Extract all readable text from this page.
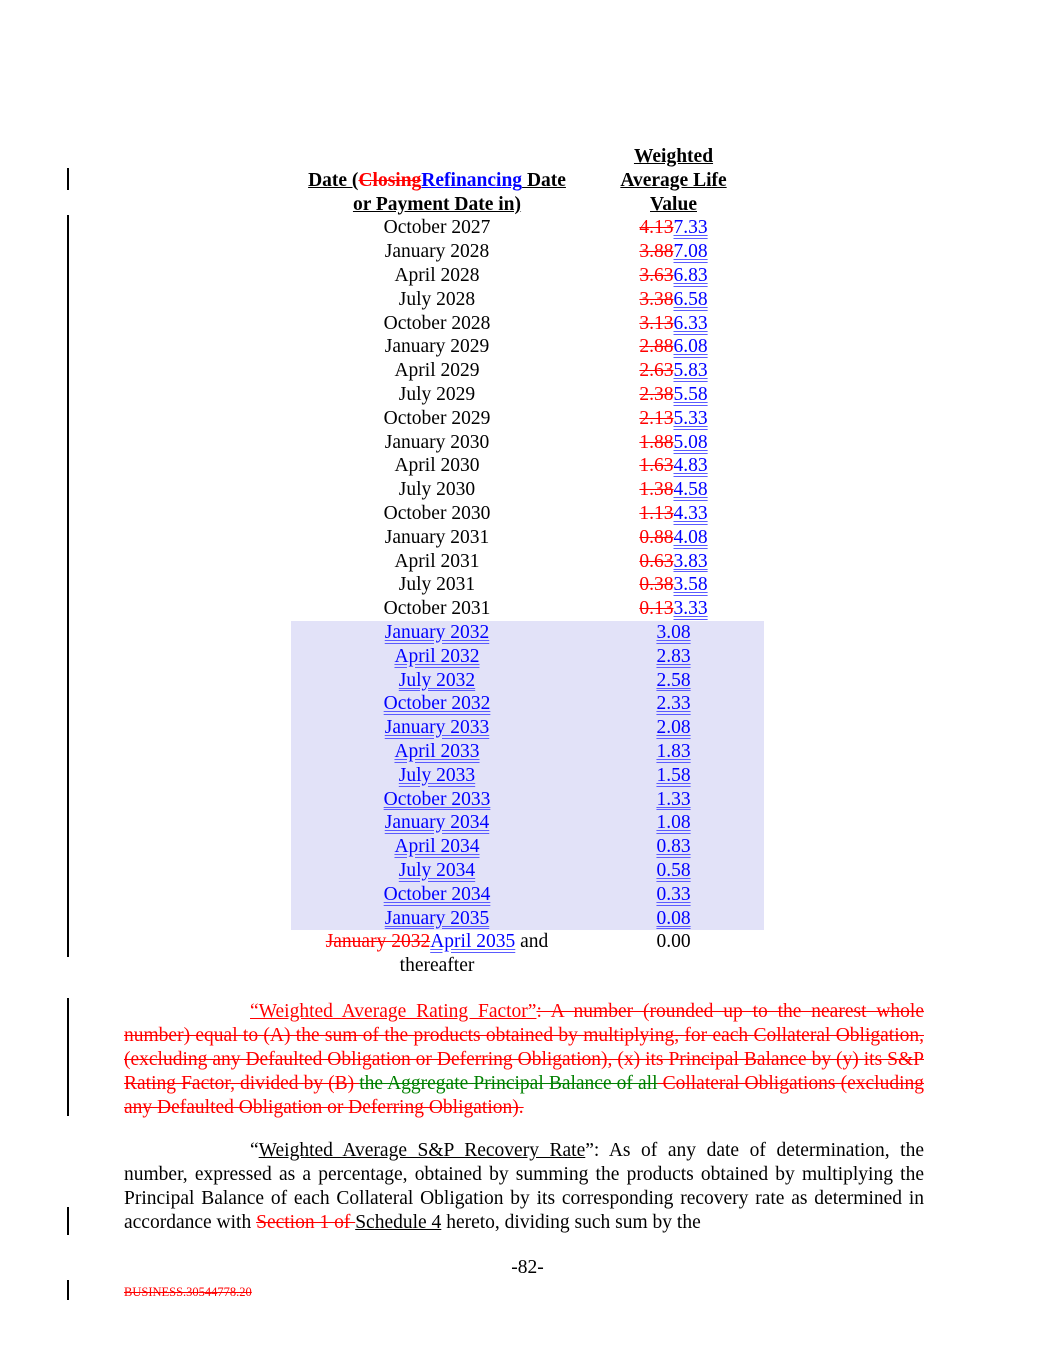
Weighted
Date (ClosingRefinancing Date	Average Life
or Payment Date in)	Value
October 2027	4.137.33
January 2028	3.887.08
April 2028	3.636.83
July 2028	3.386.58
October 2028	3.136.33
January 2029	2.886.08
April 2029	2.635.83
July 2029	2.385.58
October 2029	2.135.33
January 2030	1.885.08
April 2030	1.634.83
July 2030	1.384.58
October 2030	1.134.33
January 2031	0.884.08
April 2031	0.633.83
July 2031	0.383.58
October 2031	0.133.33
January 2032	3.08
April 2032	2.83
July 2032	2.58
October 2032	2.33
January 2033	2.08
April 2033	1.83
July 2033	1.58
October 2033	1.33
January 2034	1.08
April 2034	0.83
July 2034	0.58
October 2034	0.33
January 2035	0.08
January 2032April 2035 and	0.00
thereafter
“Weighted Average Rating Factor”: A number (rounded up to the nearest whole number) equal to (A) the sum of the products obtained by multiplying, for each Collateral Obligation, (excluding any Defaulted Obligation or Deferring Obligation), (x) its Principal Balance by (y) its S&P Rating Factor, divided by (B) the Aggregate Principal Balance of all Collateral Obligations (excluding any Defaulted Obligation or Deferring Obligation).
“Weighted Average S&P Recovery Rate”: As of any date of determination, the number, expressed as a percentage, obtained by summing the products obtained by multiplying the Principal Balance of each Collateral Obligation by its corresponding recovery rate as determined in accordance with Section 1 of Schedule 4 hereto, dividing such sum by the
-82-
BUSINESS.30544778.20
